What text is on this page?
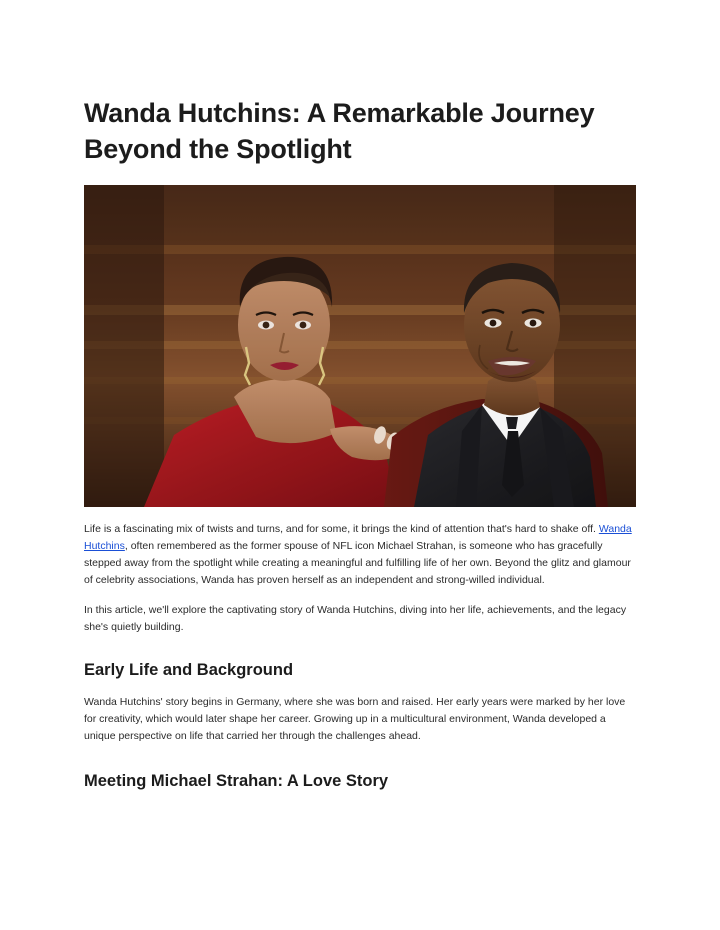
Wanda Hutchins: A Remarkable Journey Beyond the Spotlight

Life is a fascinating mix of twists and turns, and for some, it brings the kind of attention that's hard to shake off. Wanda Hutchins, often remembered as the former spouse of NFL icon Michael Strahan, is someone who has gracefully stepped away from the spotlight while creating a meaningful and fulfilling life of her own. Beyond the glitz and glamour of celebrity associations, Wanda has proven herself as an independent and strong-willed individual.

In this article, we'll explore the captivating story of Wanda Hutchins, diving into her life, achievements, and the legacy she's quietly building.

Early Life and Background

Wanda Hutchins' story begins in Germany, where she was born and raised. Her early years were marked by her love for creativity, which would later shape her career. Growing up in a multicultural environment, Wanda developed a unique perspective on life that carried her through the challenges ahead.

Meeting Michael Strahan: A Love Story
